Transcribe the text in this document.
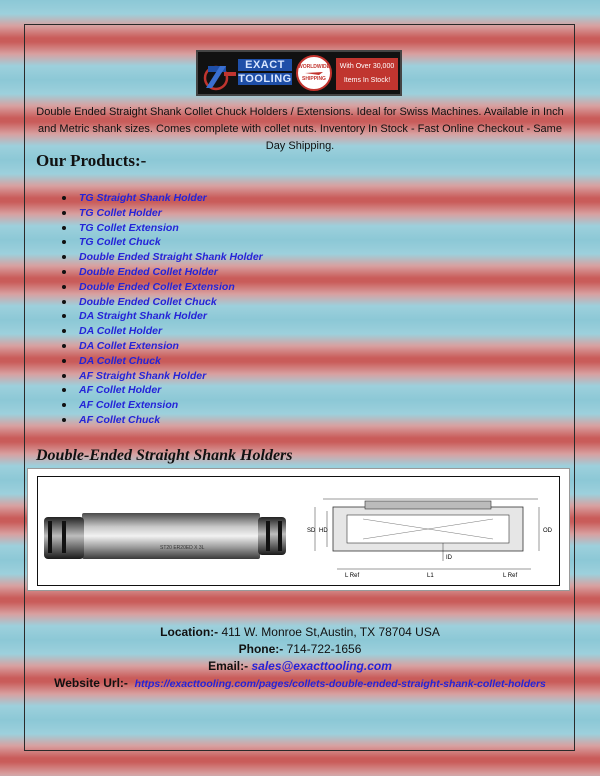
EXACT
TOOLING
WORLDWIDE
SHIPPING
With Over 30,000
Items In Stock!
Double Ended Straight Shank Collet Chuck Holders / Extensions. Ideal for Swiss Machines. Available in Inch and Metric shank sizes. Comes complete with collet nuts. Inventory In Stock - Fast Online Checkout - Same Day Shipping.
Our Products:-
TG Straight Shank Holder
TG Collet Holder
TG Collet Extension
TG Collet Chuck
Double Ended Straight Shank Holder
Double Ended Collet Holder
Double Ended Collet Extension
Double Ended Collet Chuck
DA Straight Shank Holder
DA Collet Holder
DA Collet Extension
DA Collet Chuck
AF Straight Shank Holder
AF Collet Holder
AF Collet Extension
AF Collet Chuck
Double-Ended Straight Shank Holders
ST20 ER20ED X 3L
SD HD	OD
ID
L Ref	L1	L Ref
Location:- 411 W. Monroe St,Austin, TX 78704 USA
Phone:- 714-722-1656
Email:- sales@exacttooling.com
Website Url:- https://exacttooling.com/pages/collets-double-ended-straight-shank-collet-holders
